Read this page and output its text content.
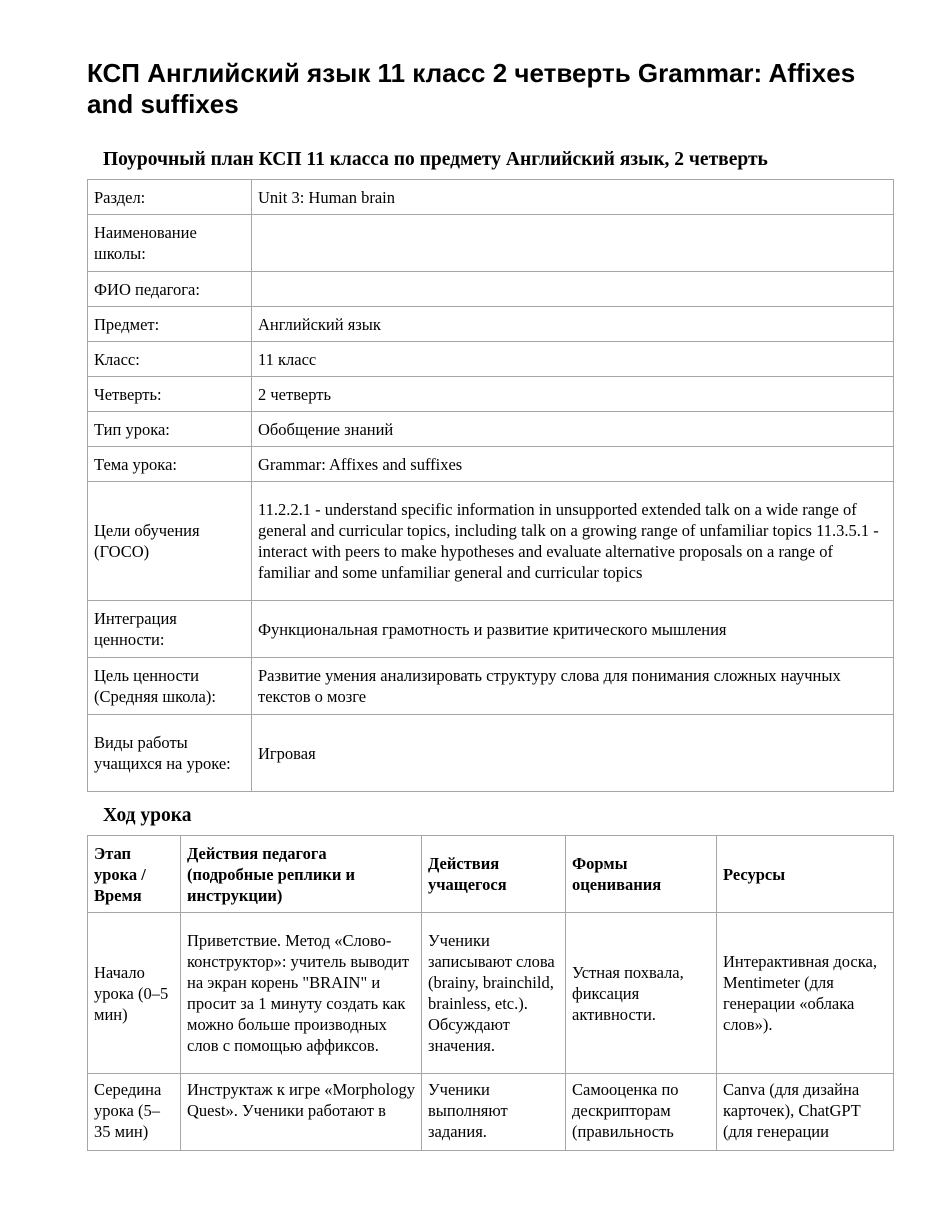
КСП Английский язык 11 класс 2 четверть Grammar: Affixes and suffixes
Поурочный план КСП 11 класса по предмету Английский язык, 2 четверть
Раздел:	Unit 3: Human brain
Наименование школы:	
ФИО педагога:	
Предмет:	Английский язык
Класс:	11 класс
Четверть:	2 четверть
Тип урока:	Обобщение знаний
Тема урока:	Grammar: Affixes and suffixes
Цели обучения (ГОСО)	11.2.2.1 - understand specific information in unsupported extended talk on a wide range of general and curricular topics, including talk on a growing range of unfamiliar topics 11.3.5.1 - interact with peers to make hypotheses and evaluate alternative proposals on a range of familiar and some unfamiliar general and curricular topics
Интеграция ценности:	Функциональная грамотность и развитие критического мышления
Цель ценности (Средняя школа):	Развитие умения анализировать структуру слова для понимания сложных научных текстов о мозге
Виды работы учащихся на уроке:	Игровая
Ход урока
Этап урока / Время	Действия педагога (подробные реплики и инструкции)	Действия учащегося	Формы оценивания	Ресурсы
Начало урока (0–5 мин)	Приветствие. Метод «Слово-конструктор»: учитель выводит на экран корень "BRAIN" и просит за 1 минуту создать как можно больше производных слов с помощью аффиксов.	Ученики записывают слова (brainy, brainchild, brainless, etc.). Обсуждают значения.	Устная похвала, фиксация активности.	Интерактивная доска, Mentimeter (для генерации «облака слов»).

Середина урока (5–35 мин)	Инструктаж к игре «Morphology Quest». Ученики работают в	Ученики выполняют задания.	Самооценка по дескрипторам (правильность	Canva (для дизайна карточек), ChatGPT (для генерации
